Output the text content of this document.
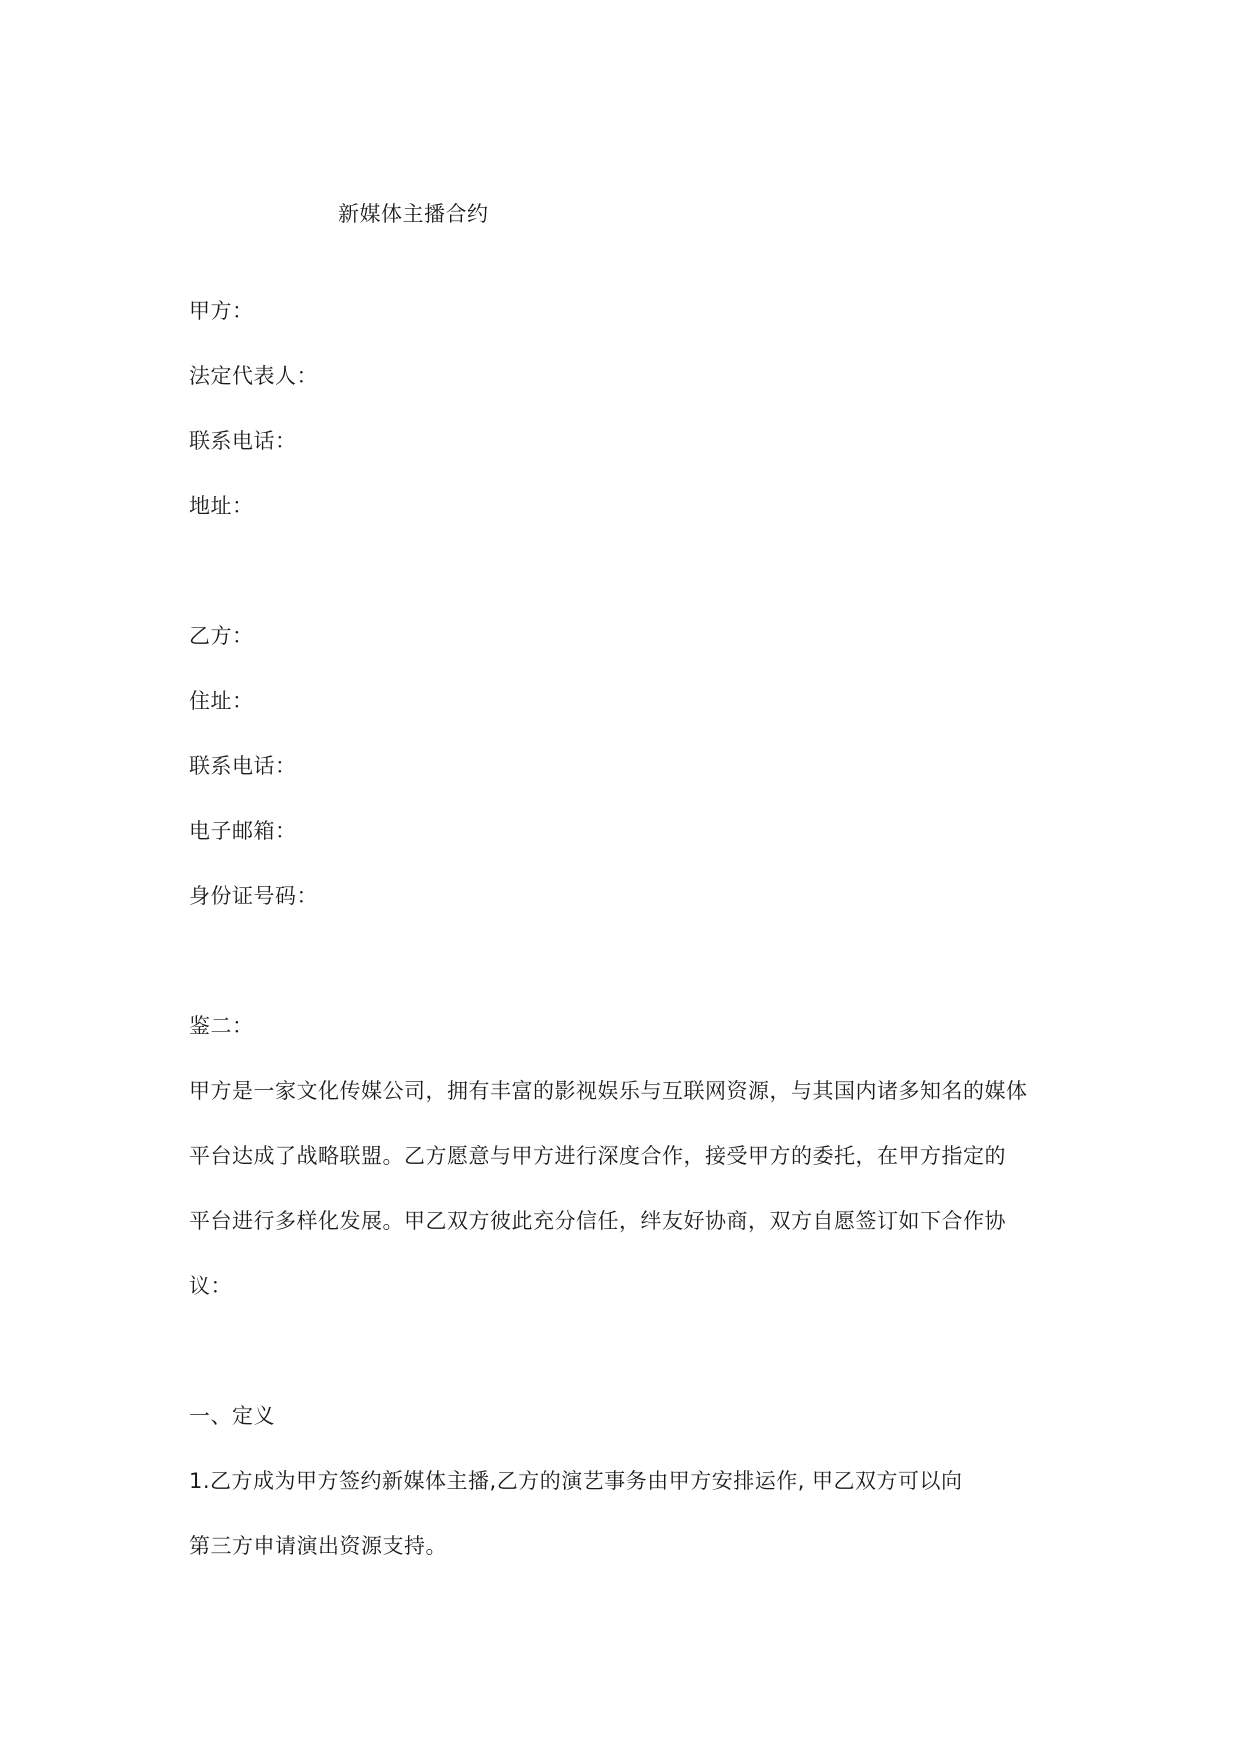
新媒体主播合约
甲方：
法定代表人：
联系电话：
地址：
乙方：
住址：
联系电话：
电子邮箱：
身份证号码：
鉴二：
甲方是一家文化传媒公司，拥有丰富的影视娱乐与互联网资源，与其国内诸多知名的媒体
平台达成了战略联盟。乙方愿意与甲方进行深度合作，接受甲方的委托，在甲方指定的
平台进行多样化发展。甲乙双方彼此充分信任，绊友好协商，双方自愿签订如下合作协
议：
一、定义
1.乙方成为甲方签约新媒体主播,乙方的演艺事务由甲方安排运作, 甲乙双方可以向
第三方申请演出资源支持。
